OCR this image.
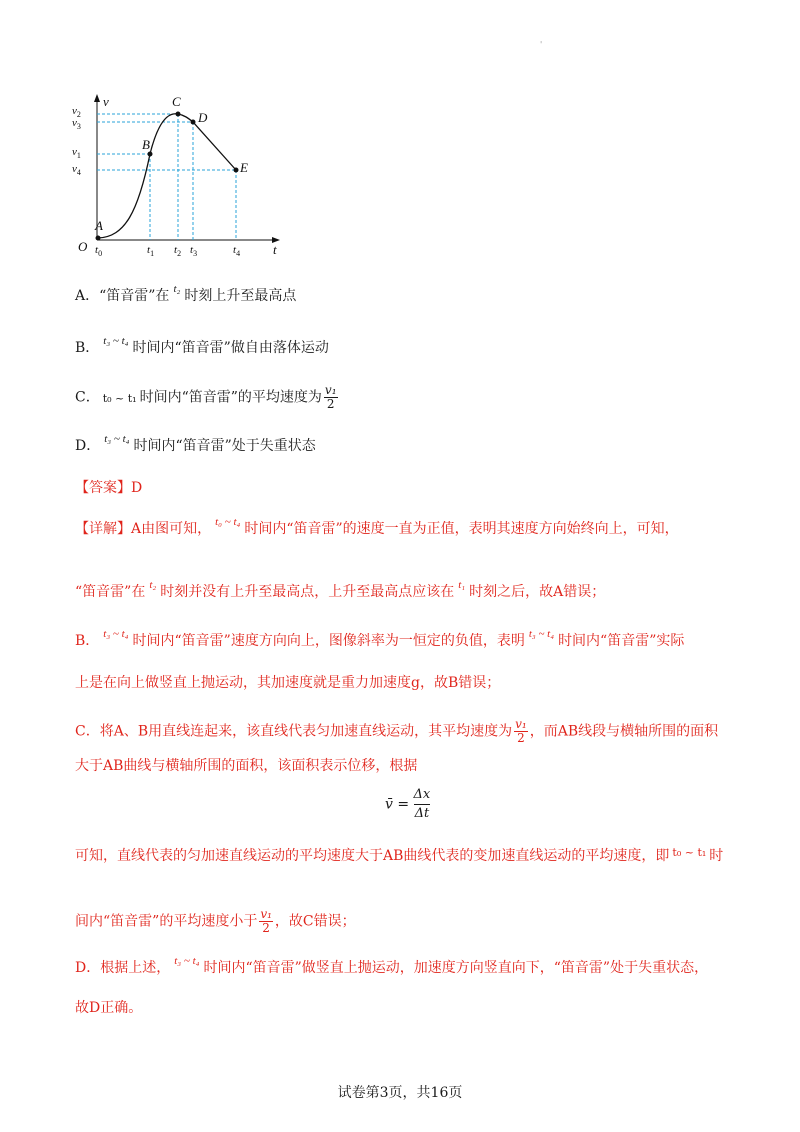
'
v
t
A
B
C
D
E
O
$v_2$
$v_3$
$v_1$
$v_4$
$t_0$	$t_1$ $t_2$ $t_3$	$t_4$
A．“笛音雷”在 $^{t_2}$ 时刻上升至最高点
B． $^{t_3 \sim t_4}$ 时间内“笛音雷”做自由落体运动
C． t₀ ~ t₁ 时间内“笛音雷”的平均速度为 $\frac{\text{v₁}}{2}$
D． $^{t_3 \sim t_4}$ 时间内“笛音雷”处于失重状态
【答案】D
【详解】A由图可知， $^{t_0 \sim t_4}$ 时间内“笛音雷”的速度一直为正值，表明其速度方向始终向上，可知，
“笛音雷”在 $^{t_2}$ 时刻并没有上升至最高点，上升至最高点应该在 $^{t_1}$ 时刻之后，故A错误；
B． $^{t_3 \sim t_4}$ 时间内“笛音雷”速度方向向上，图像斜率为一恒定的负值，表明 $^{t_3 \sim t_4}$ 时间内“笛音雷”实际
上是在向上做竖直上抛运动，其加速度就是重力加速度g，故B错误；
C．将A、B用直线连起来，该直线代表匀加速直线运动，其平均速度为 $\frac{\text{v₁}}{2}$ ，而AB线段与横轴所围的面积
大于AB曲线与横轴所围的面积，该面积表示位移，根据
v̄ = $\frac{\Delta x}{\Delta t}$
可知，直线代表的匀加速直线运动的平均速度大于AB曲线代表的变加速直线运动的平均速度，即 $^{t_0 \sim t_1}$ 时
间内“笛音雷”的平均速度小于 $\frac{\text{v₁}}{2}$ ，故C错误；
D．根据上述， $^{t_3 \sim t_4}$ 时间内“笛音雷”做竖直上抛运动，加速度方向竖直向下，“笛音雷”处于失重状态，
故D正确。
试卷第3页，共16页
